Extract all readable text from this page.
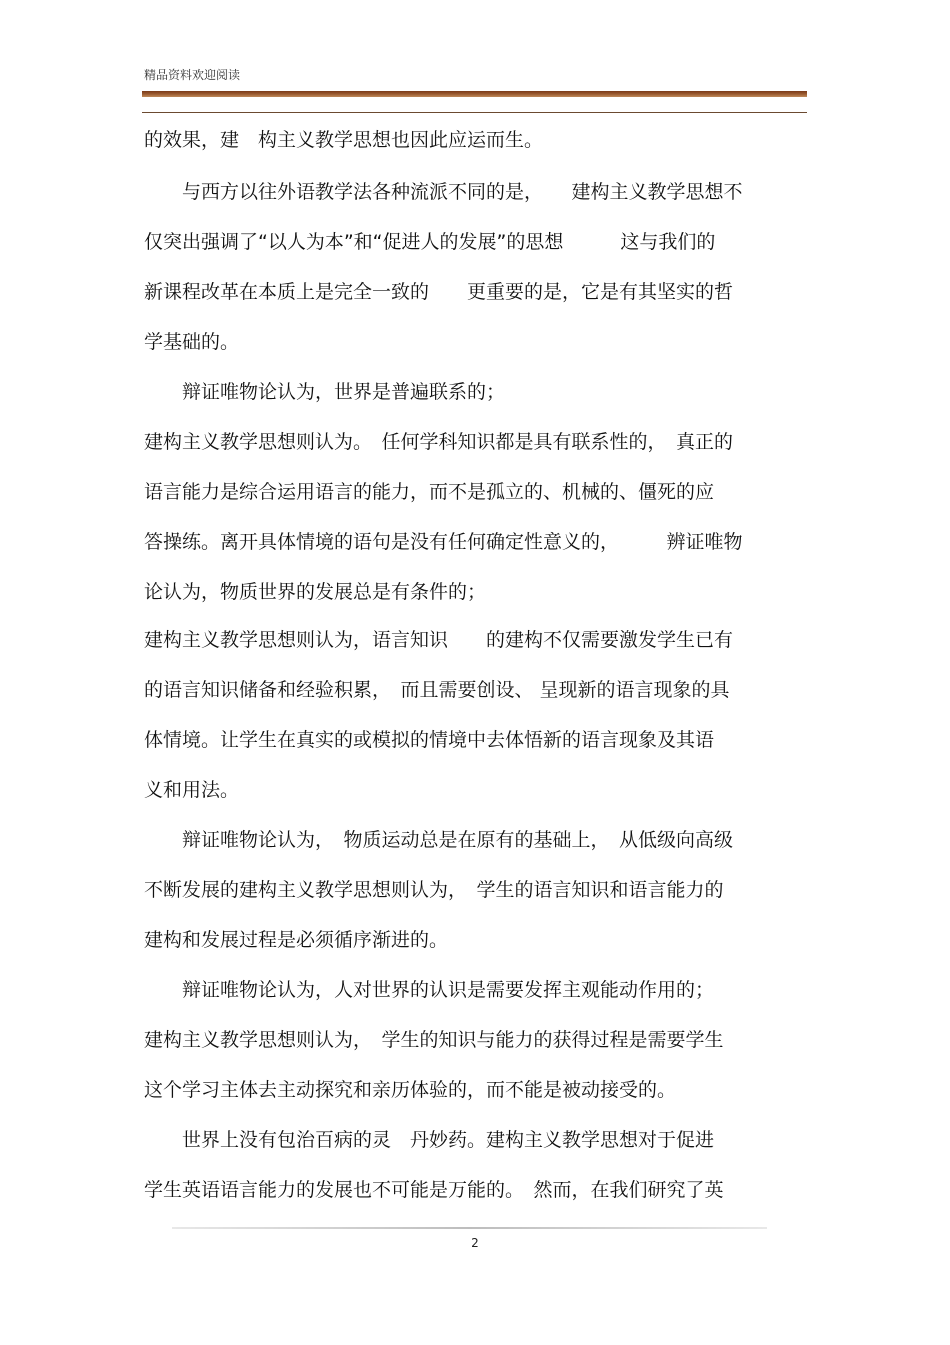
精品资料欢迎阅读
的效果，建　构主义教学思想也因此应运而生。
　　与西方以往外语教学法各种流派不同的是，　　建构主义教学思想不
仅突出强调了“以人为本”和“促进人的发展”的思想　　　这与我们的
新课程改革在本质上是完全一致的　　更重要的是，它是有其坚实的哲
学基础的。
　　辩证唯物论认为，世界是普遍联系的；
建构主义教学思想则认为。　任何学科知识都是具有联系性的，　真正的
语言能力是综合运用语言的能力，而不是孤立的、机械的、僵死的应
答操练。离开具体情境的语句是没有任何确定性意义的，　　　辨证唯物
论认为，物质世界的发展总是有条件的；
建构主义教学思想则认为，语言知识　　的建构不仅需要激发学生已有
的语言知识储备和经验积累，　而且需要创设、 呈现新的语言现象的具
体情境。让学生在真实的或模拟的情境中去体悟新的语言现象及其语
义和用法。
　　辩证唯物论认为，　物质运动总是在原有的基础上，　从低级向高级
不断发展的建构主义教学思想则认为，　学生的语言知识和语言能力的
建构和发展过程是必须循序渐进的。
　　辩证唯物论认为，人对世界的认识是需要发挥主观能动作用的；
建构主义教学思想则认为，　学生的知识与能力的获得过程是需要学生
这个学习主体去主动探究和亲历体验的，而不能是被动接受的。
　　世界上没有包治百病的灵　丹妙药。建构主义教学思想对于促进
学生英语语言能力的发展也不可能是万能的。　然而，在我们研究了英
2
